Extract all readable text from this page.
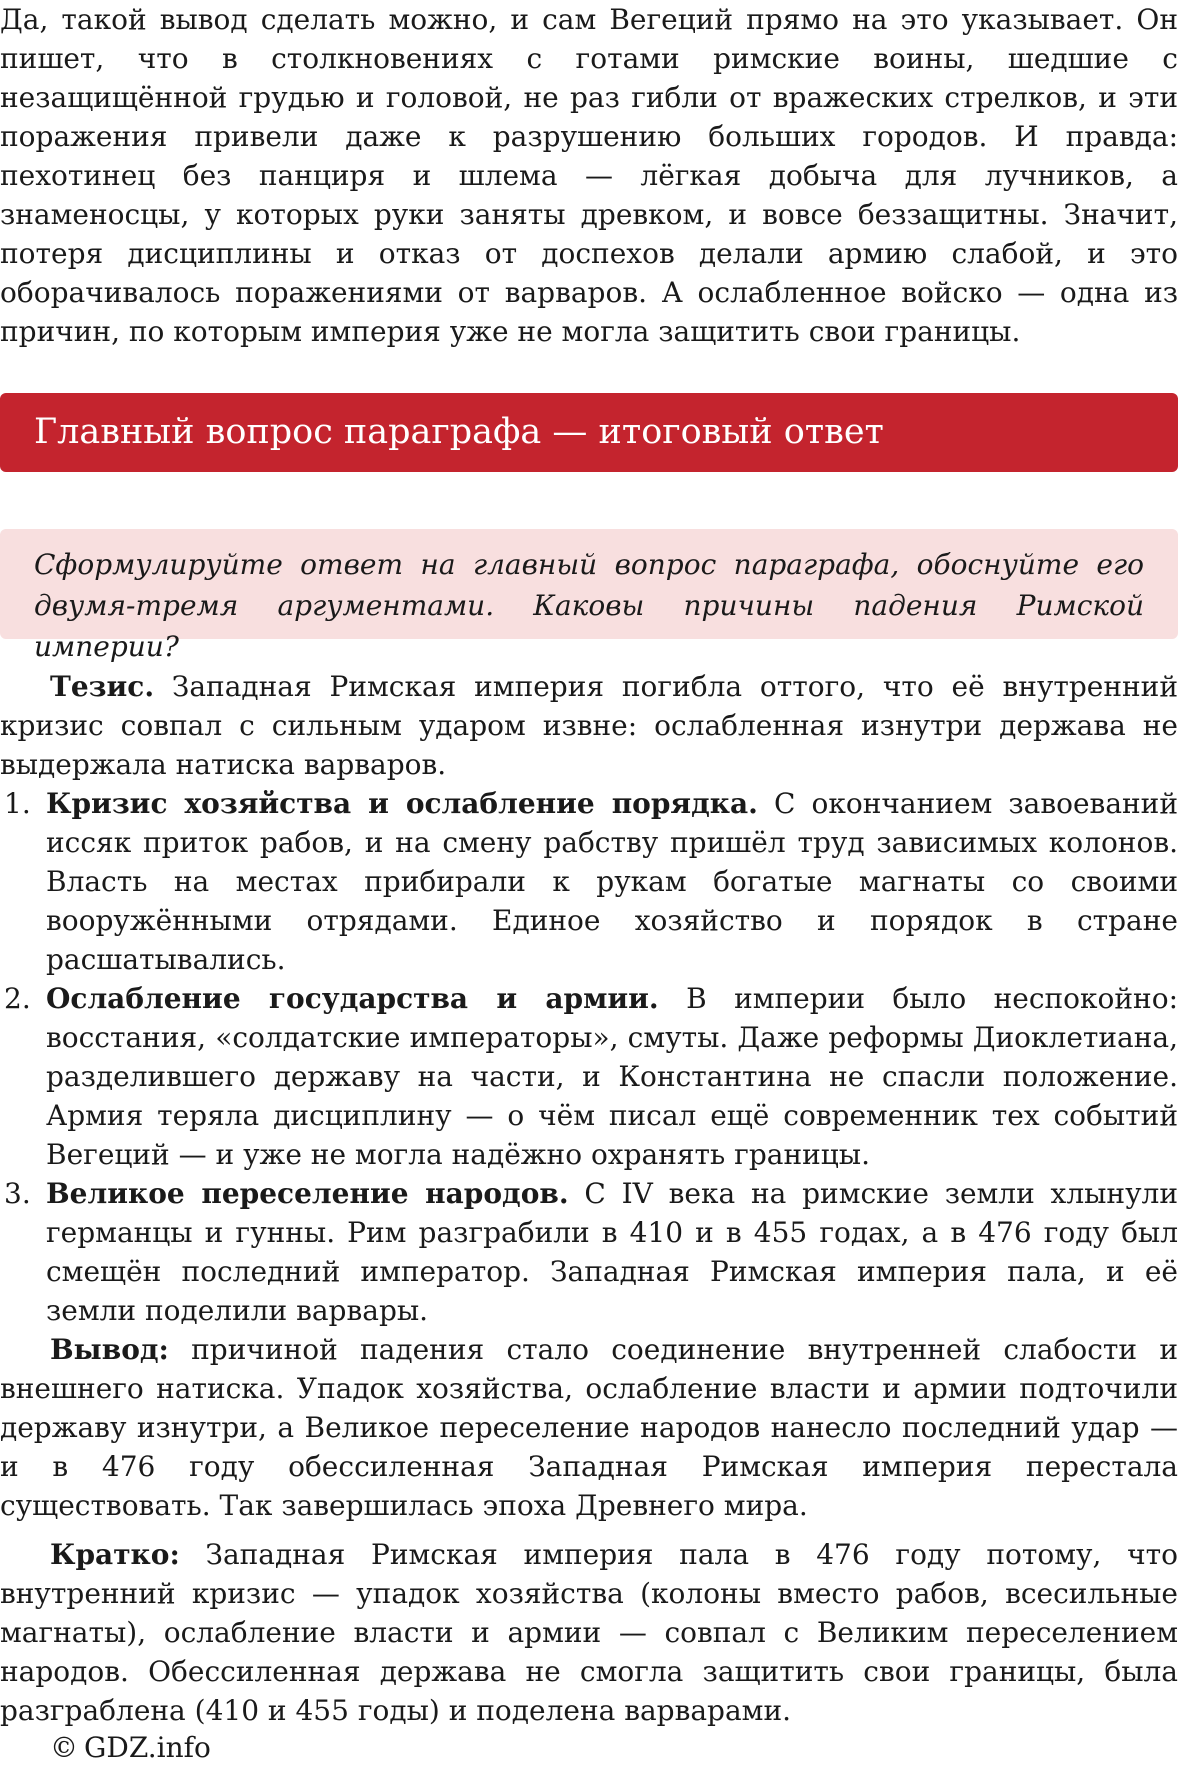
Да, такой вывод сделать можно, и сам Вегеций прямо на это указывает. Он пишет, что в столкновениях с готами римские воины, шедшие с незащищённой грудью и головой, не раз гибли от вражеских стрелков, и эти поражения привели даже к разрушению больших городов. И правда: пехотинец без панциря и шлема — лёгкая добыча для лучников, а знаменосцы, у которых руки заняты древком, и вовсе беззащитны. Значит, потеря дисциплины и отказ от доспехов делали армию слабой, и это оборачивалось поражениями от варваров. А ослабленное войско — одна из причин, по которым империя уже не могла защитить свои границы.

Главный вопрос параграфа — итоговый ответ

Сформулируйте ответ на главный вопрос параграфа, обоснуйте его двумя-тремя аргументами. Каковы причины падения Римской империи?

Тезис. Западная Римская империя погибла оттого, что её внутренний кризис совпал с сильным ударом извне: ослабленная изнутри держава не выдержала натиска варваров.

1. Кризис хозяйства и ослабление порядка. С окончанием завоеваний иссяк приток рабов, и на смену рабству пришёл труд зависимых колонов. Власть на местах прибирали к рукам богатые магнаты со своими вооружёнными отрядами. Единое хозяйство и порядок в стране расшатывались.
2. Ослабление государства и армии. В империи было неспокойно: восстания, «солдатские императоры», смуты. Даже реформы Диоклетиана, разделившего державу на части, и Константина не спасли положение. Армия теряла дисциплину — о чём писал ещё современник тех событий Вегеций — и уже не могла надёжно охранять границы.
3. Великое переселение народов. С IV века на римские земли хлынули германцы и гунны. Рим разграбили в 410 и в 455 годах, а в 476 году был смещён последний император. Западная Римская империя пала, и её земли поделили варвары.

Вывод: причиной падения стало соединение внутренней слабости и внешнего натиска. Упадок хозяйства, ослабление власти и армии подточили державу изнутри, а Великое переселение народов нанесло последний удар — и в 476 году обессиленная Западная Римская империя перестала существовать. Так завершилась эпоха Древнего мира.

Кратко: Западная Римская империя пала в 476 году потому, что внутренний кризис — упадок хозяйства (колоны вместо рабов, всесильные магнаты), ослабление власти и армии — совпал с Великим переселением народов. Обессиленная держава не смогла защитить свои границы, была разграблена (410 и 455 годы) и поделена варварами.

© GDZ.info
